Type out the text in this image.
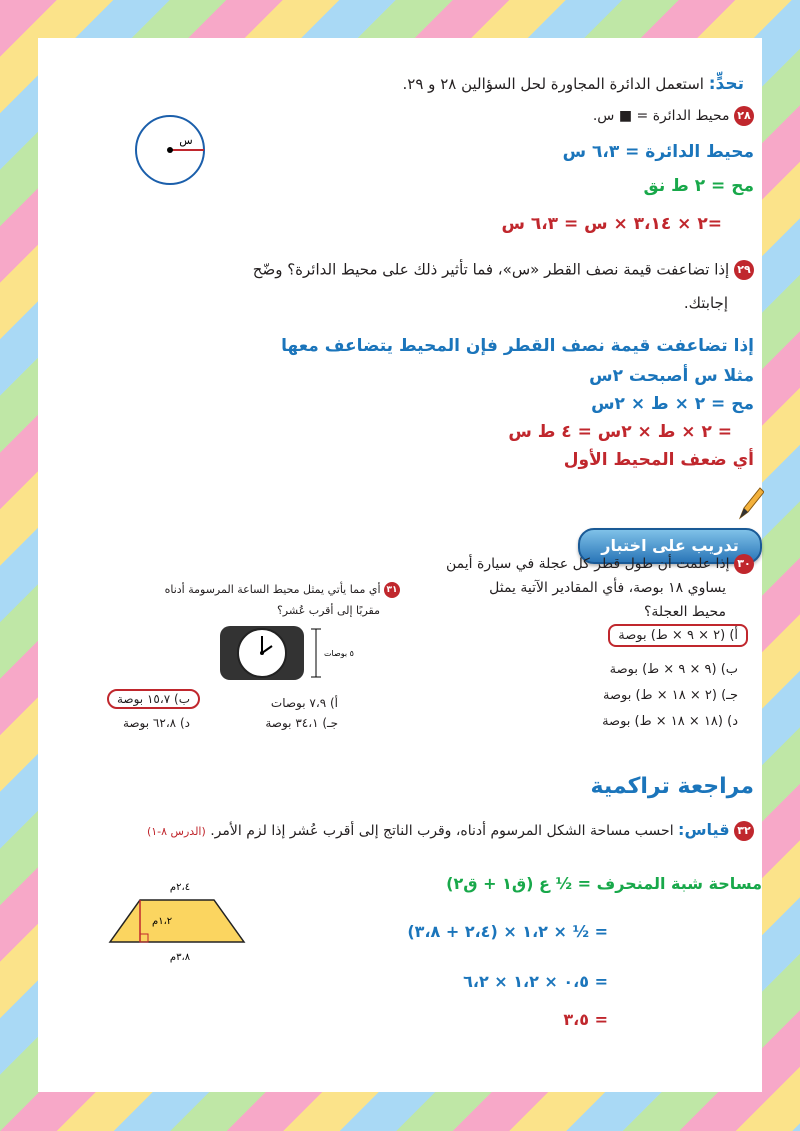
تحدٍّ: استعمل الدائرة المجاورة لحل السؤالين ٢٨ و ٢٩.
٢٨ محيط الدائرة = ■ س.
س
محيط الدائرة = ٦،٣ س
مح = ٢ ط نق
=٢ × ٣،١٤ × س = ٦،٣ س
٢٩ إذا تضاعفت قيمة نصف القطر «س»، فما تأثير ذلك على محيط الدائرة؟ وضّح
إجابتك.
إذا تضاعفت قيمة نصف القطر فإن المحيط يتضاعف معها
مثلا س أصبحت ٢س
مح = ٢ × ط × ٢س
= ٢ × ط × ٢س = ٤ ط س
أي ضعف المحيط الأول
تدريب على اختبار
٣٠ إذا علمت أن طول قطر كل عجلة في سيارة أيمن
يساوي ١٨ بوصة، فأي المقادير الآتية يمثل
محيط العجلة؟
أ) (٢ × ٩ × ط) بوصة
ب) (٩ × ٩ × ط) بوصة
جـ) (٢ × ١٨ × ط) بوصة
د) (١٨ × ١٨ × ط) بوصة
٣١ أي مما يأتي يمثل محيط الساعة المرسومة أدناه
مقربًا إلى أقرب عُشر؟
٥ بوصات
أ) ٧،٩ بوصات
ب) ١٥،٧ بوصة
جـ) ٣٤،١ بوصة
د) ٦٢،٨ بوصة
مراجعة تراكمية
٣٢ قياس: احسب مساحة الشكل المرسوم أدناه، وقرب الناتج إلى أقرب عُشر إذا لزم الأمر. (الدرس ٨-١)
٢،٤م
١،٢م
٣،٨م
مساحة شبة المنحرف = ½ ع (ق١ + ق٢)
= ½ × ١،٢ × (٢،٤ + ٣،٨)
= ٠،٥ × ١،٢ × ٦،٢
= ٣،٥
